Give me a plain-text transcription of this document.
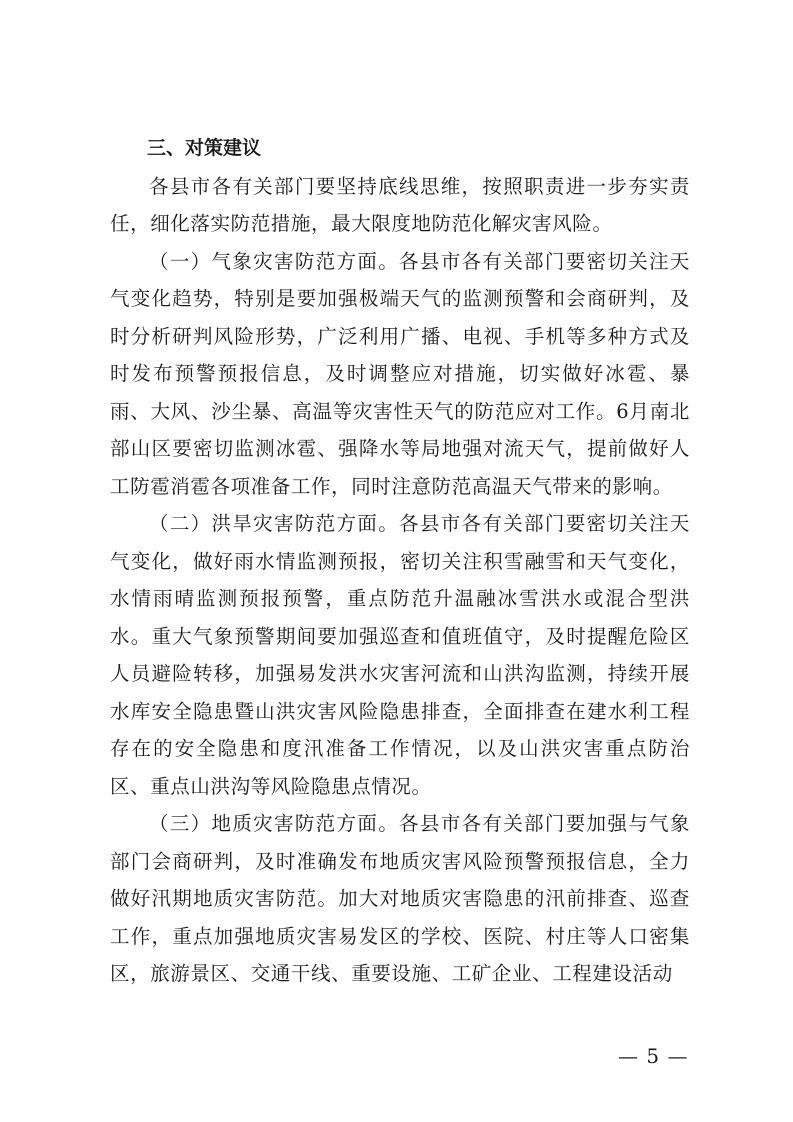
三、对策建议

各县市各有关部门要坚持底线思维，按照职责进一步夯实责任，细化落实防范措施，最大限度地防范化解灾害风险。

（一）气象灾害防范方面。各县市各有关部门要密切关注天气变化趋势，特别是要加强极端天气的监测预警和会商研判，及时分析研判风险形势，广泛利用广播、电视、手机等多种方式及时发布预警预报信息，及时调整应对措施，切实做好冰雹、暴雨、大风、沙尘暴、高温等灾害性天气的防范应对工作。6月南北部山区要密切监测冰雹、强降水等局地强对流天气，提前做好人工防雹消雹各项准备工作，同时注意防范高温天气带来的影响。

（二）洪旱灾害防范方面。各县市各有关部门要密切关注天气变化，做好雨水情监测预报，密切关注积雪融雪和天气变化，水情雨晴监测预报预警，重点防范升温融冰雪洪水或混合型洪水。重大气象预警期间要加强巡查和值班值守，及时提醒危险区人员避险转移，加强易发洪水灾害河流和山洪沟监测，持续开展水库安全隐患暨山洪灾害风险隐患排查，全面排查在建水利工程存在的安全隐患和度汛准备工作情况，以及山洪灾害重点防治区、重点山洪沟等风险隐患点情况。

（三）地质灾害防范方面。各县市各有关部门要加强与气象部门会商研判，及时准确发布地质灾害风险预警预报信息，全力做好汛期地质灾害防范。加大对地质灾害隐患的汛前排查、巡查工作，重点加强地质灾害易发区的学校、医院、村庄等人口密集区，旅游景区、交通干线、重要设施、工矿企业、工程建设活动

— 5 —
